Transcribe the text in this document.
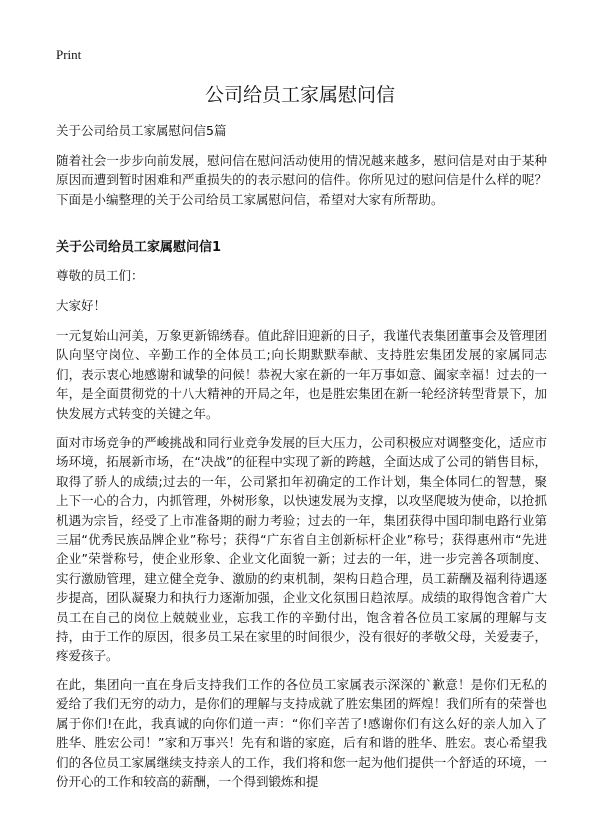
Print
公司给员工家属慰问信
关于公司给员工家属慰问信5篇

随着社会一步步向前发展，慰问信在慰问活动使用的情况越来越多，慰问信是对由于某种原因而遭到暂时困难和严重损失的的表示慰问的信件。你所见过的慰问信是什么样的呢？下面是小编整理的关于公司给员工家属慰问信，希望对大家有所帮助。

关于公司给员工家属慰问信1
尊敬的员工们：
大家好！

一元复始山河美，万象更新锦绣春。值此辞旧迎新的日子，我谨代表集团董事会及管理团队向坚守岗位、辛勤工作的全体员工;向长期默默奉献、支持胜宏集团发展的家属同志们，表示衷心地感谢和诚挚的问候！恭祝大家在新的一年万事如意、阖家幸福！过去的一年，是全面贯彻党的十八大精神的开局之年，也是胜宏集团在新一轮经济转型背景下，加快发展方式转变的关键之年。

面对市场竞争的严峻挑战和同行业竞争发展的巨大压力，公司积极应对调整变化，适应市场环境，拓展新市场，在“决战”的征程中实现了新的跨越，全面达成了公司的销售目标，取得了骄人的成绩;过去的一年，公司紧扣年初确定的工作计划，集全体同仁的智慧，聚上下一心的合力，内抓管理，外树形象，以快速发展为支撑，以攻坚爬坡为使命，以抢抓机遇为宗旨，经受了上市准备期的耐力考验；过去的一年，集团获得中国印制电路行业第三届“优秀民族品牌企业”称号；获得“广东省自主创新标杆企业”称号；获得惠州市“先进企业”荣誉称号，使企业形象、企业文化面貌一新；过去的一年，进一步完善各项制度、实行激励管理，建立健全竞争、激励的约束机制，架构日趋合理，员工薪酬及福利待遇逐步提高，团队凝聚力和执行力逐渐加强，企业文化氛围日趋浓厚。成绩的取得饱含着广大员工在自己的岗位上兢兢业业，忘我工作的辛勤付出，饱含着各位员工家属的理解与支持，由于工作的原因，很多员工呆在家里的时间很少，没有很好的孝敬父母，关爱妻子，疼爱孩子。

在此，集团向一直在身后支持我们工作的各位员工家属表示深深的`歉意！是你们无私的爱给了我们无穷的动力，是你们的理解与支持成就了胜宏集团的辉煌！我们所有的荣誉也属于你们!在此，我真诚的向你们道一声：“你们辛苦了!感谢你们有这么好的亲人加入了胜华、胜宏公司！”家和万事兴！先有和谐的家庭，后有和谐的胜华、胜宏。衷心希望我们的各位员工家属继续支持亲人的工作，我们将和您一起为他们提供一个舒适的环境，一份开心的工作和较高的薪酬，一个得到锻炼和提
